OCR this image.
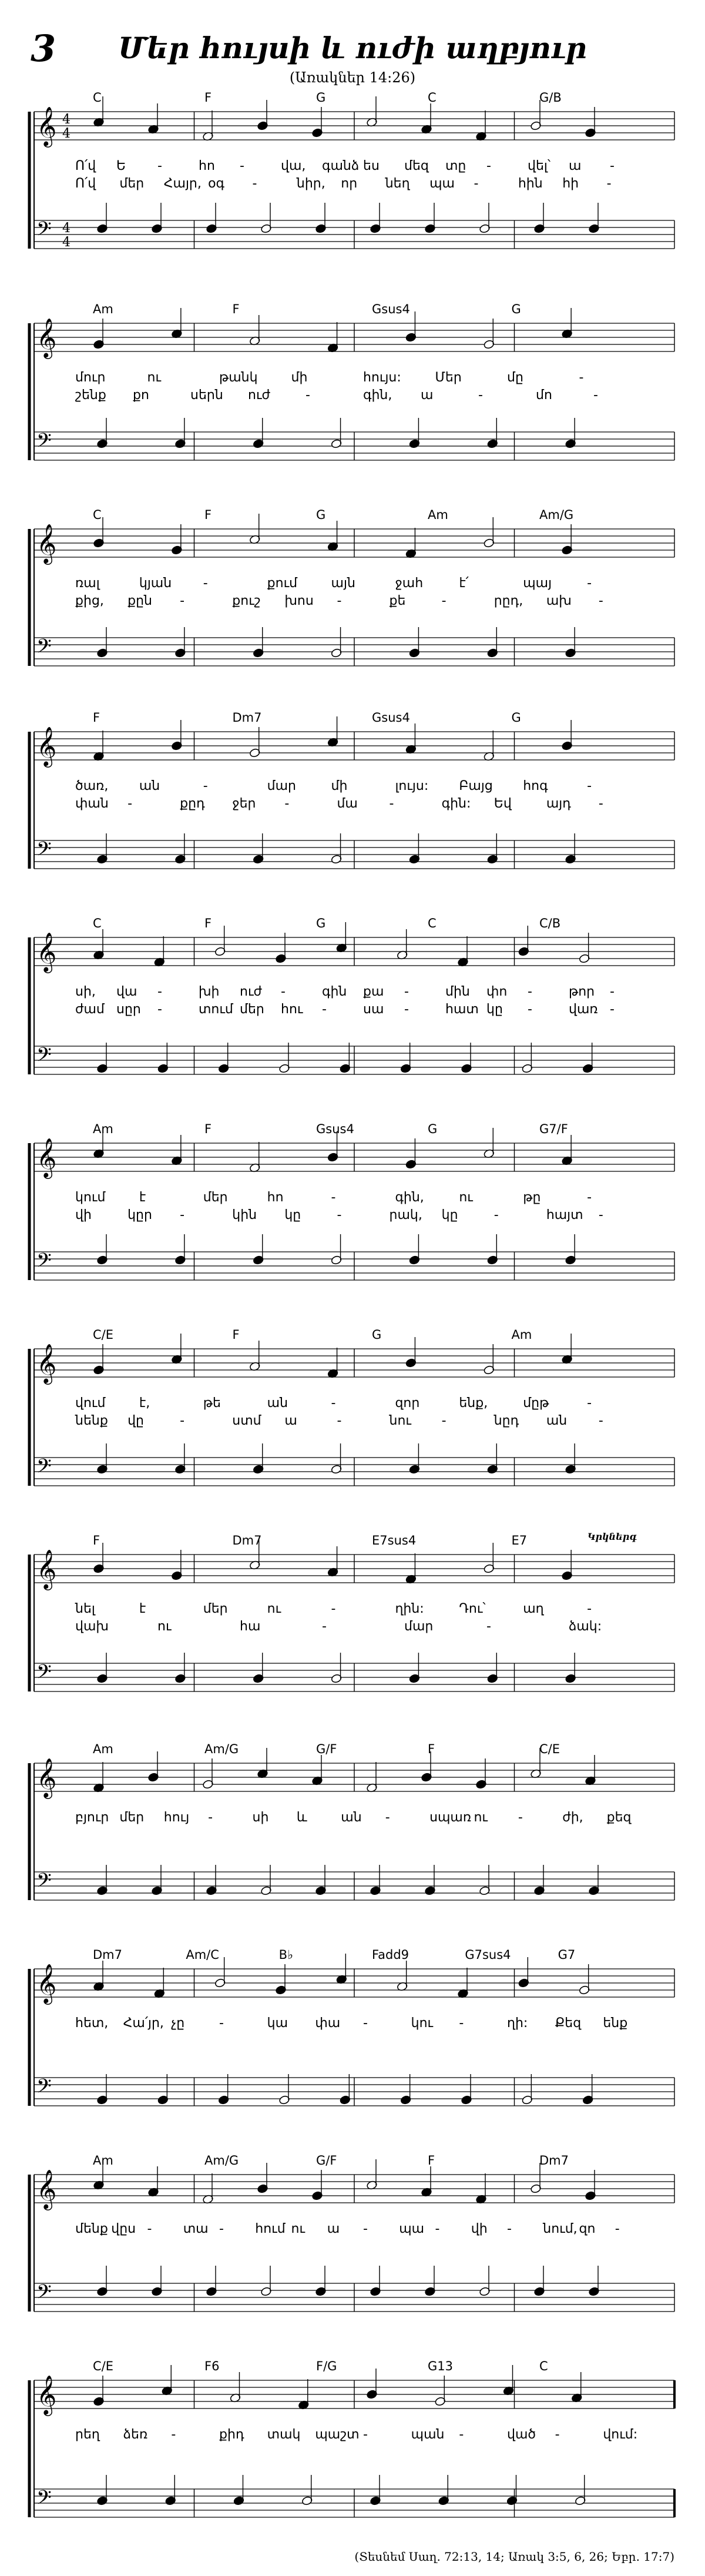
3	Մեր հույսի և ուժի աղբյուր
(Առակներ 14:26)
𝄞
𝄢
4
4
4
4
𝄞
𝄢
𝄞
𝄢
𝄞
𝄢
𝄞
𝄢
𝄞
𝄢
𝄞
𝄢
𝄞
𝄢
𝄞
𝄢
𝄞
𝄢
𝄞
𝄢
𝄞
𝄢
C	F	G	C	G/B
Ո՛վ Ե -	հո -	վա, գանձ ես մեզ տը -	վել՝ ա -
Ո՛վ մեր Հայր, օգ -	նիր, որ նեղ պա -	հին հի -
Am	F	Gsus4	G
մուր	ու	թանկ	մի	հույս:	Մեր	մը	-
շենք քո	սերն ուժ	-	գին, ա	-	մո	-
C	F	G	Am	Am/G
ռալ	կյան -	քում	այն	ջահ	է՛	պայ	-
քից, քըն -	քուշ խոս -	քե	-	րըդ, ախ -
F	Dm7	Gsus4	G
ծառ, ան	-	մար	մի	լույս: Բայց հոգ	-
փան -	քըդ ջեր -	մա -	գին: Եվ	այդ -
C	F	G	C	C/B
սի, վա -	խի ուժ -	գին քա -	մին փո -	թոր -
ժամ սըր -	տում մեր հու -	սա -	հատ կը -	վառ -
Am	F	Gsus4	G	G7/F
կում	է	մեր	հո	-	գին,	ու	թը	-
վի	կըր -	կին կը	-	րակ, կը	-	հայտ -
C/E	F	G	Am
վում	է,	թե	ան	-	զոր	ենք,	մըթ	-
նենք վը	-	ստմ ա	-	նու -	նըդ ան -
F	Dm7	E7sus4	E7
նել	է	մեր	ու	-	ղին:	Դու՝	աղ	-
վախ	ու	հա	-	մար	-	ձակ:
Կրկներգ
Am	Am/G	G/F	F	C/E
բյուր մեր հույ -	սի և	ան -	սպառ ու -	ժի, քեզ
Dm7	Am/C	B♭	Fadd9	G7sus4	G7
հետ, Հա՛յր, չը	-	կա փա -	կու -	ղի: Քեզ ենք
Am	Am/G	G/F	F	Dm7
մենք վըս - տա - հում ու ա - պա - վի - նում, զո -
C/E	F6	F/G	G13	C
րեղ ձեռ -	քիդ տակ պաշտ -	պան -	ված -	վում:
(Տեսնեմ Սաղ. 72:13, 14; Առակ 3:5, 6, 26; Եբր. 17:7)
